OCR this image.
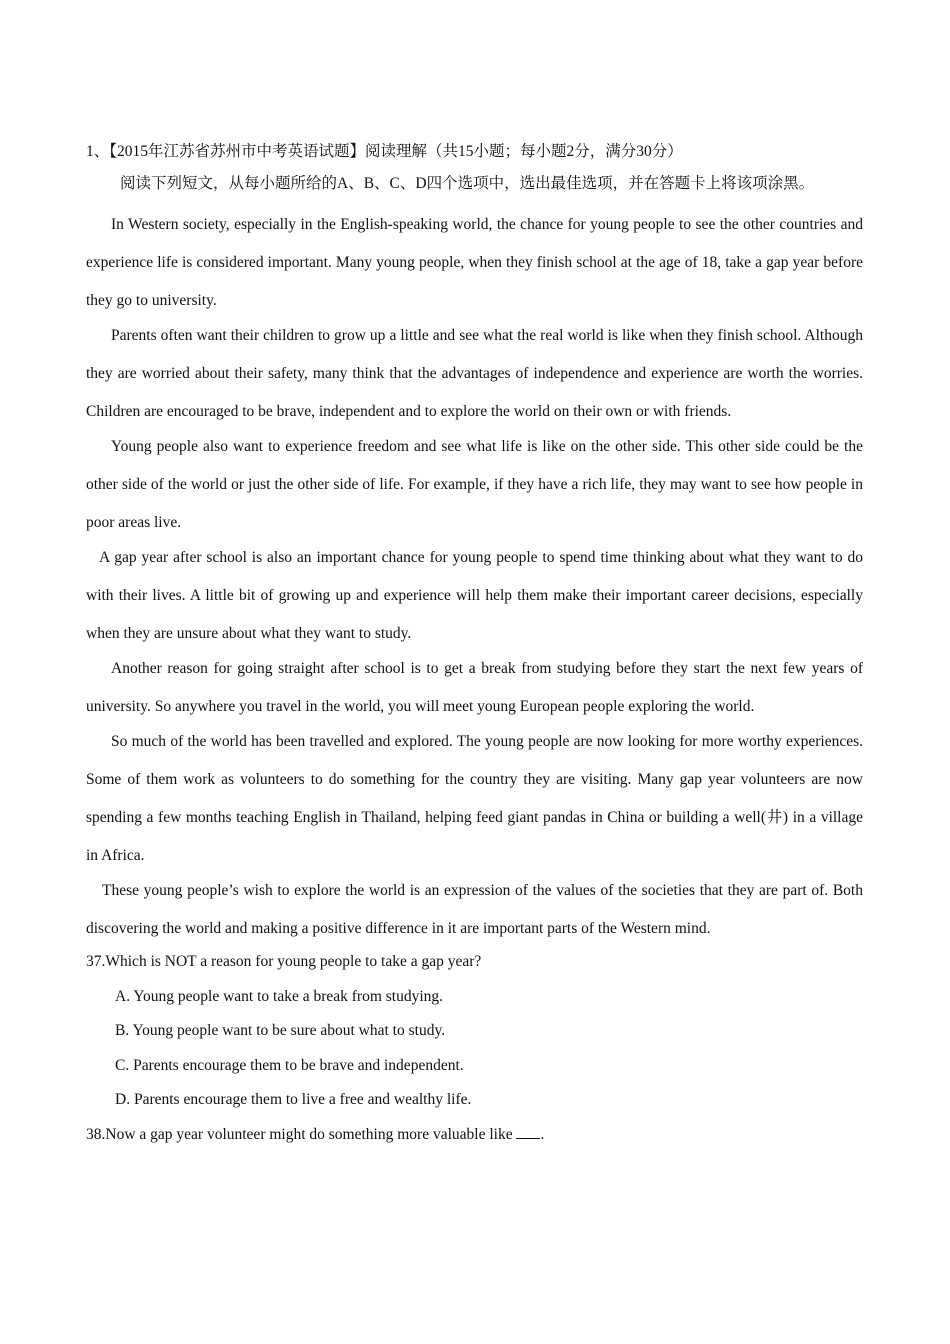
1、【2015年江苏省苏州市中考英语试题】阅读理解（共15小题；每小题2分，满分30分）

阅读下列短文，从每小题所给的A、B、C、D四个选项中，选出最佳选项，并在答题卡上将该项涂黑。

In Western society, especially in the English-speaking world, the chance for young people to see the other countries and experience life is considered important. Many young people, when they finish school at the age of 18, take a gap year before they go to university.

Parents often want their children to grow up a little and see what the real world is like when they finish school. Although they are worried about their safety, many think that the advantages of independence and experience are worth the worries. Children are encouraged to be brave, independent and to explore the world on their own or with friends.

Young people also want to experience freedom and see what life is like on the other side. This other side could be the other side of the world or just the other side of life. For example, if they have a rich life, they may want to see how people in poor areas live.

A gap year after school is also an important chance for young people to spend time thinking about what they want to do with their lives. A little bit of growing up and experience will help them make their important career decisions, especially when they are unsure about what they want to study.

Another reason for going straight after school is to get a break from studying before they start the next few years of university. So anywhere you travel in the world, you will meet young European people exploring the world.

So much of the world has been travelled and explored. The young people are now looking for more worthy experiences. Some of them work as volunteers to do something for the country they are visiting. Many gap year volunteers are now spending a few months teaching English in Thailand, helping feed giant pandas in China or building a well(井) in a village in Africa.

These young people’s wish to explore the world is an expression of the values of the societies that they are part of. Both discovering the world and making a positive difference in it are important parts of the Western mind.

37.Which is NOT a reason for young people to take a gap year?

A. Young people want to take a break from studying.

B. Young people want to be sure about what to study.

C. Parents encourage them to be brave and independent.

D. Parents encourage them to live a free and wealthy life.

38.Now a gap year volunteer might do something more valuable like .
